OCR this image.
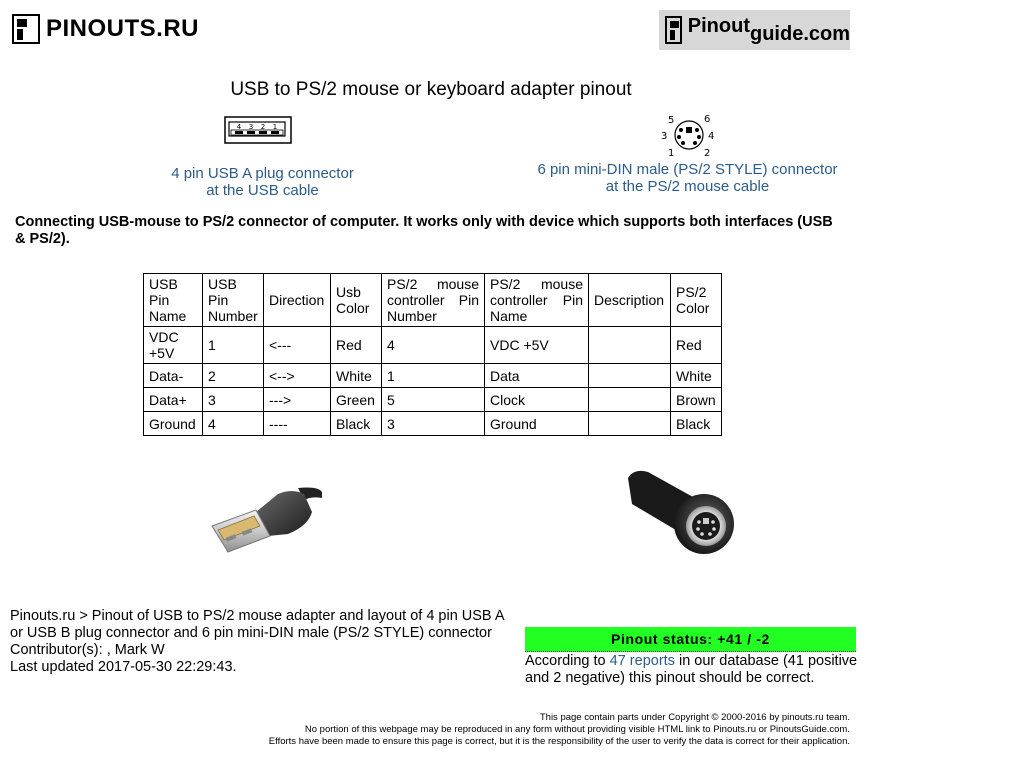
PINOUTS.RU	Pinout guide.com
USB to PS/2 mouse or keyboard adapter pinout
4 3 2 1
4 pin USB A plug connector
at the USB cable
5	6
3	4
1	2
6 pin mini-DIN male (PS/2 STYLE) connector
at the PS/2 mouse cable
Connecting USB-mouse to PS/2 connector of computer. It works only with device which supports both interfaces (USB & PS/2).
USB Pin Name	USB Pin Number	Direction	Usb Color	PS/2 mouse controller Pin Number	PS/2 mouse controller Pin Name	Description	PS/2 Color
VDC +5V	1	<---	Red	4	VDC +5V		Red
Data-	2	<-->	White	1	Data		White
Data+	3	--->	Green	5	Clock		Brown
Ground	4	----	Black	3	Ground		Black
Pinouts.ru > Pinout of USB to PS/2 mouse adapter and layout of 4 pin USB A or USB B plug connector and 6 pin mini-DIN male (PS/2 STYLE) connector
Contributor(s): , Mark W
Last updated 2017-05-30 22:29:43.
Pinout status: +41 / -2
According to 47 reports in our database (41 positive and 2 negative) this pinout should be correct.
This page contain parts under Copyright © 2000-2016 by pinouts.ru team.
No portion of this webpage may be reproduced in any form without providing visible HTML link to Pinouts.ru or PinoutsGuide.com.
Efforts have been made to ensure this page is correct, but it is the responsibility of the user to verify the data is correct for their application.
